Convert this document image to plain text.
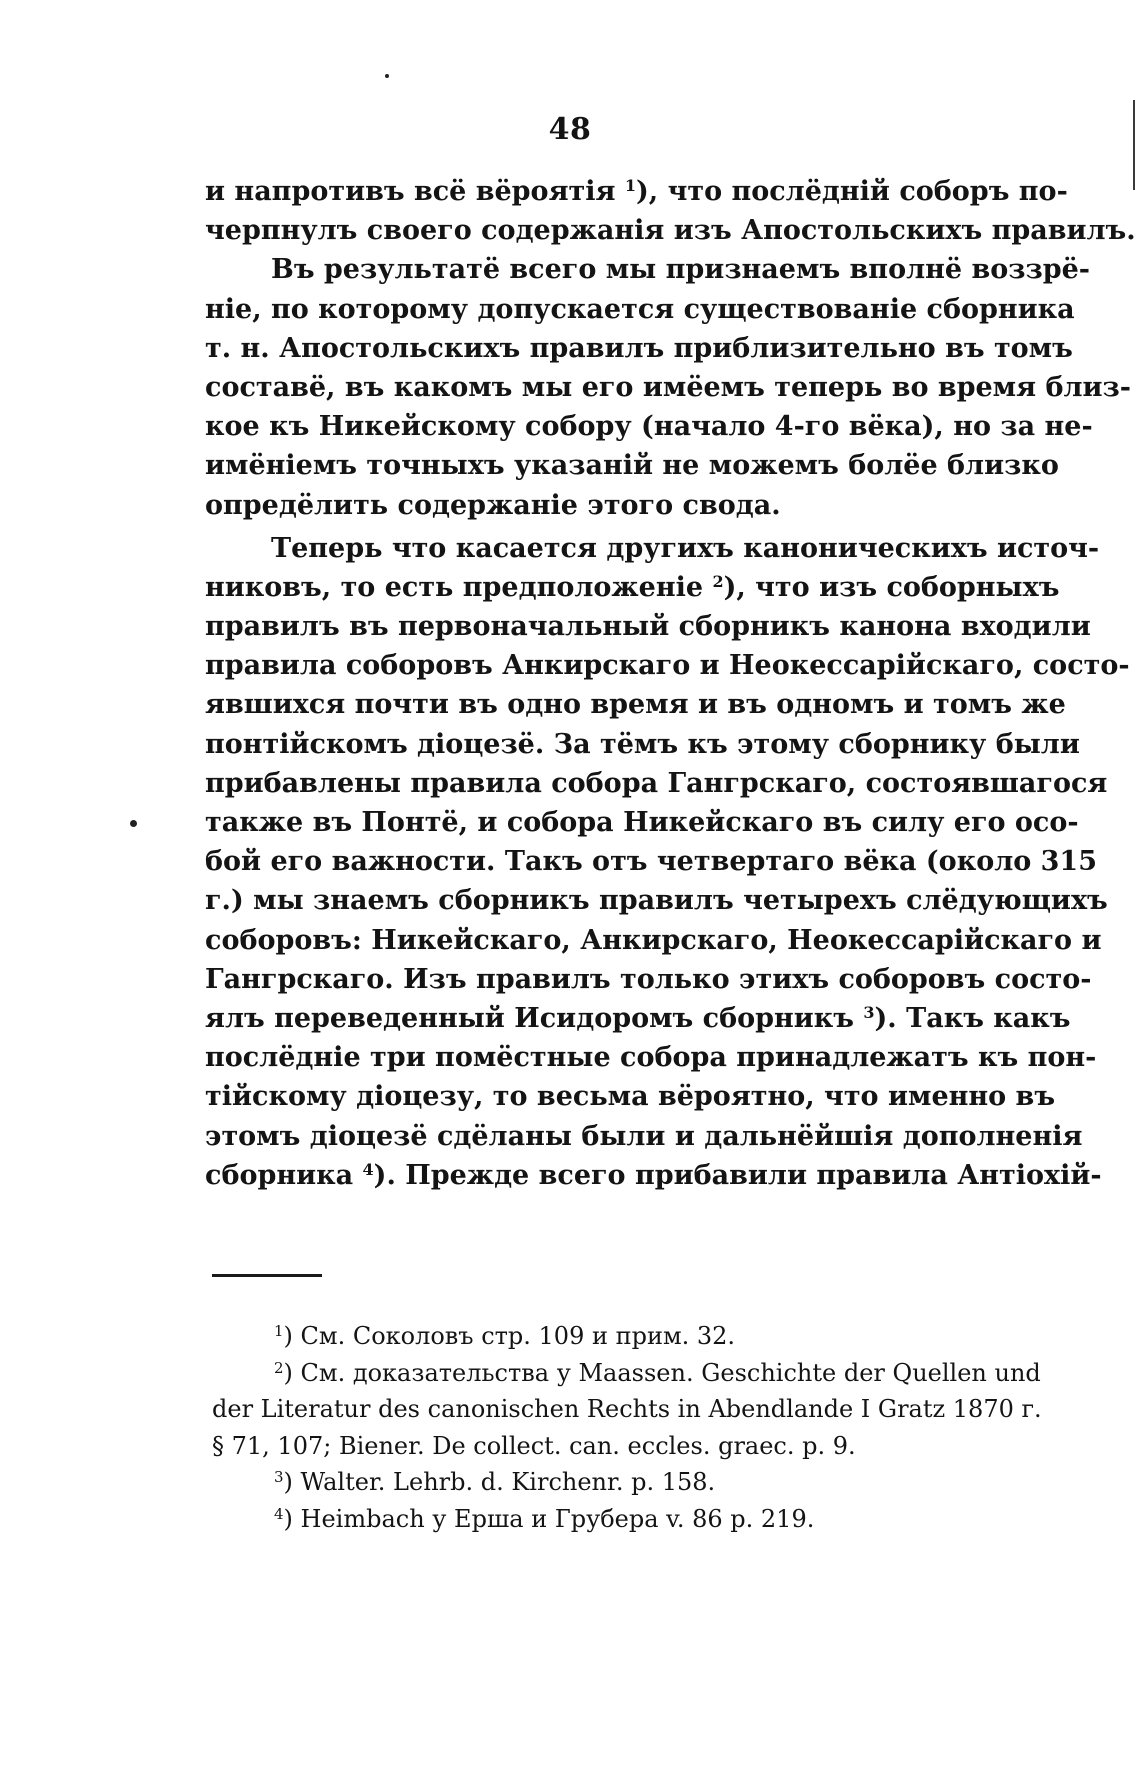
48
и напротивъ всё вёроятія $^1$), что послёдній соборъ по-
черпнулъ своего содержанія изъ Апостольскихъ правилъ.
Въ результатё всего мы признаемъ вполнё воззрё-
ніе, по которому допускается существованіе сборника
т. н. Апостольскихъ правилъ приблизительно въ томъ
составё, въ какомъ мы его имёемъ теперь во время близ-
кое къ Никейскому собору (начало 4-го вёка), но за не-
имёніемъ точныхъ указаній не можемъ болёе близко
опредёлить содержаніе этого свода.
Теперь что касается другихъ каноническихъ источ-
никовъ, то есть предположеніе $^2$), что изъ соборныхъ
правилъ въ первоначальный сборникъ канона входили
правила соборовъ Анкирскаго и Неокесcарійскаго, состо-
явшихся почти въ одно время и въ одномъ и томъ же
понтійскомъ діоцезё. За тёмъ къ этому сборнику были
прибавлены правила собора Гангрскаго, состоявшагося
также въ Понтё, и собора Никейскаго въ силу его осо-
бой его важности. Такъ отъ четвертаго вёка (около 315
г.) мы знаемъ сборникъ правилъ четырехъ слёдующихъ
соборовъ: Никейскаго, Анкирскаго, Неокессарійскаго и
Гангрскаго. Изъ правилъ только этихъ соборовъ состо-
ялъ переведенный Исидоромъ сборникъ $^3$). Такъ какъ
послёдніе три помёстные собора принадлежатъ къ пон-
тійскому діоцезу, то весьма вёроятно, что именно въ
этомъ діоцезё сдёланы были и дальнёйшія дополненія
сборника $^4$). Прежде всего прибавили правила Антіохій-
$^1$) См. Соколовъ стр. 109 и прим. 32.
$^2$) См. доказательства у Maassen. Geschichte der Quellen und
der Literatur des canonischen Rechts in Abendlande I Gratz 1870 г.
§ 71, 107; Biener. De collect. can. eccles. graec. p. 9.
$^3$) Walter. Lehrb. d. Kirchenr. p. 158.
$^4$) Heimbach у Ерша и Грубера v. 86 p. 219.
